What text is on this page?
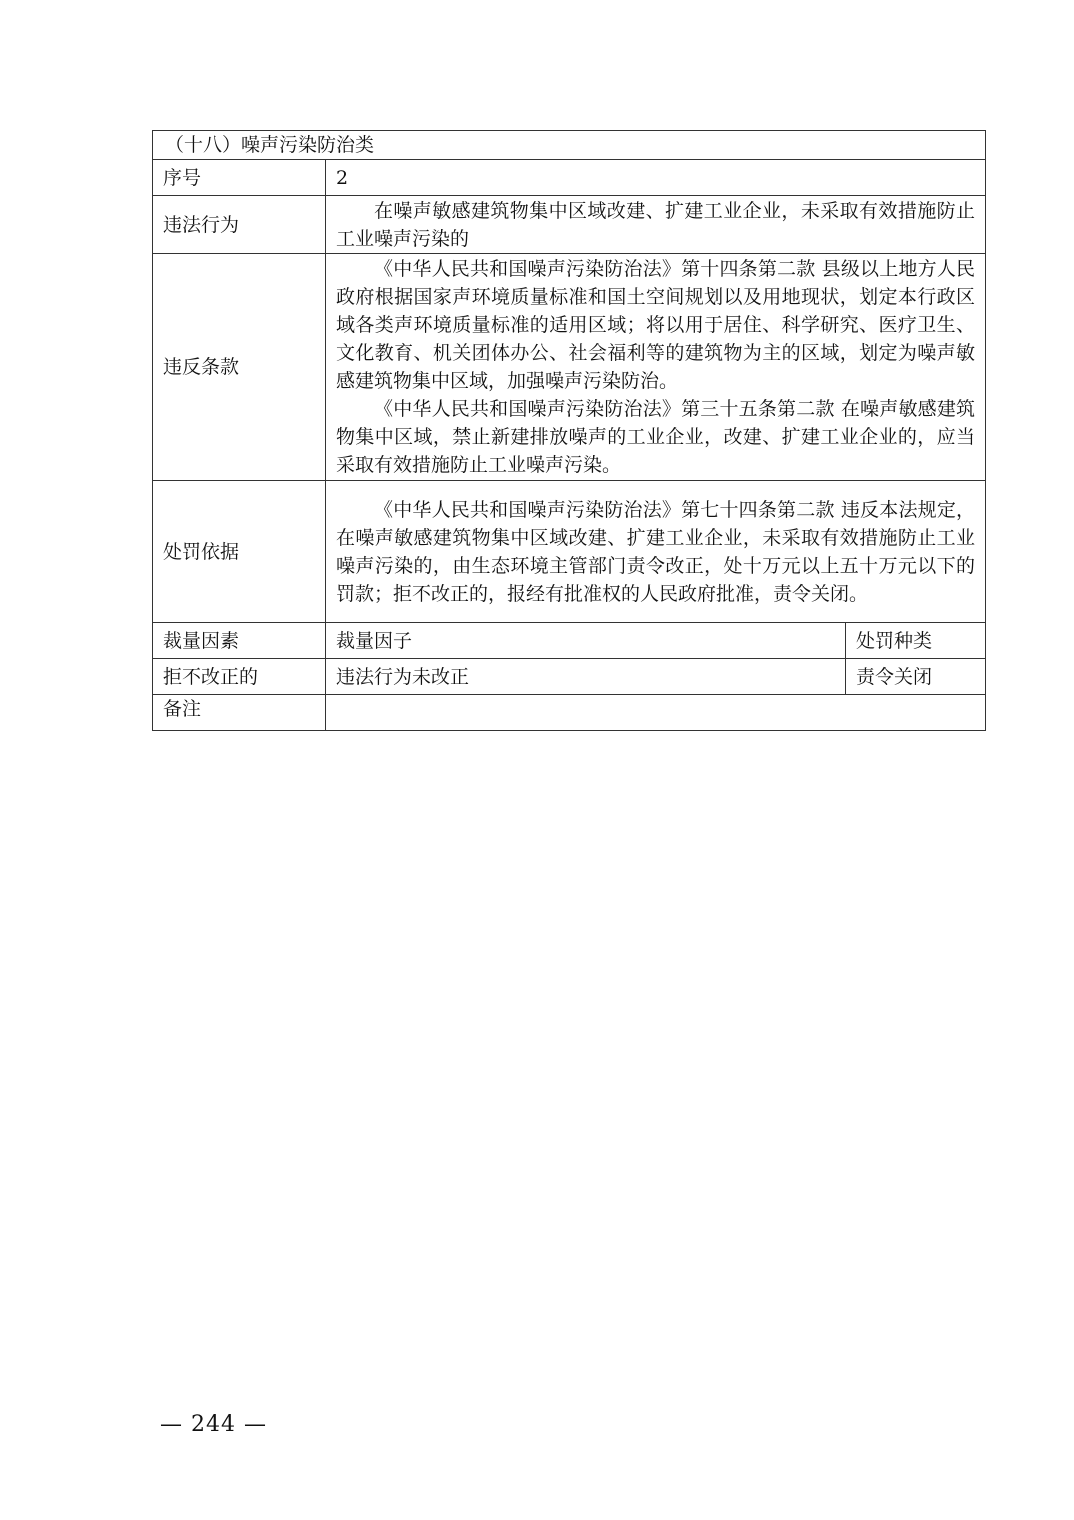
（十八）噪声污染防治类		
序号	2	
违法行为	在噪声敏感建筑物集中区域改建、扩建工业企业，未采取有效措施防止工业噪声污染的	

违反条款	《中华人民共和国噪声污染防治法》第十四条第二款 县级以上地方人民政府根据国家声环境质量标准和国土空间规划以及用地现状，划定本行政区域各类声环境质量标准的适用区域；将以用于居住、科学研究、医疗卫生、文化教育、机关团体办公、社会福利等的建筑物为主的区域，划定为噪声敏感建筑物集中区域，加强噪声污染防治。

《中华人民共和国噪声污染防治法》第三十五条第二款 在噪声敏感建筑物集中区域，禁止新建排放噪声的工业企业，改建、扩建工业企业的，应当采取有效措施防止工业噪声污染。	

处罚依据	《中华人民共和国噪声污染防治法》第七十四条第二款 违反本法规定，在噪声敏感建筑物集中区域改建、扩建工业企业，未采取有效措施防止工业噪声污染的，由生态环境主管部门责令改正，处十万元以上五十万元以下的罚款；拒不改正的，报经有批准权的人民政府批准，责令关闭。	

裁量因素	裁量因子	处罚种类
拒不改正的	违法行为未改正	责令关闭
备注		
— 244 —
